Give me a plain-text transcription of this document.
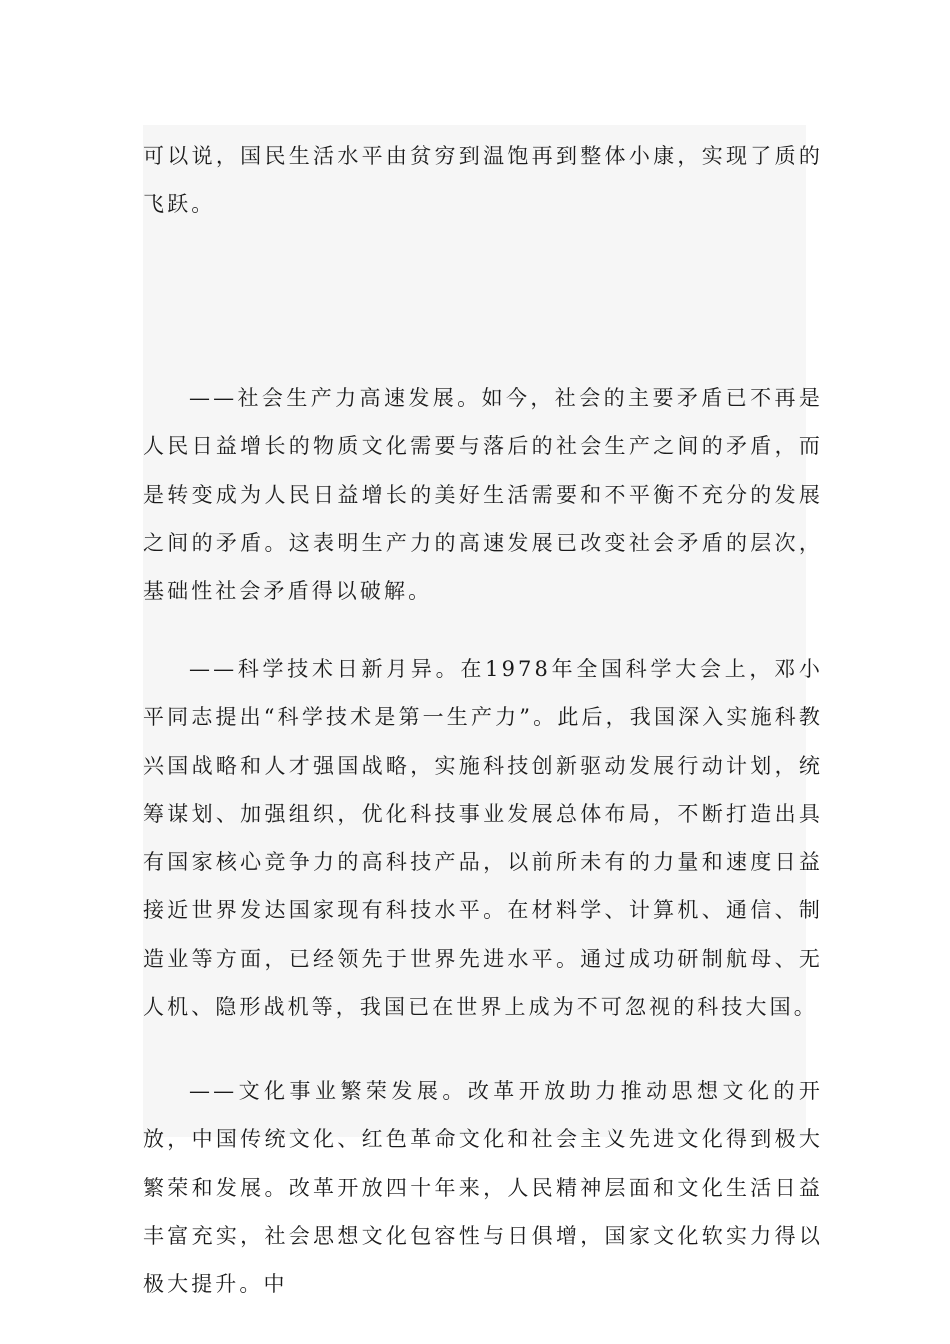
可以说，国民生活水平由贫穷到温饱再到整体小康，实现了质的飞跃。

——社会生产力高速发展。如今，社会的主要矛盾已不再是人民日益增长的物质文化需要与落后的社会生产之间的矛盾，而是转变成为人民日益增长的美好生活需要和不平衡不充分的发展之间的矛盾。这表明生产力的高速发展已改变社会矛盾的层次，基础性社会矛盾得以破解。

——科学技术日新月异。在1978年全国科学大会上，邓小平同志提出“科学技术是第一生产力”。此后，我国深入实施科教兴国战略和人才强国战略，实施科技创新驱动发展行动计划，统筹谋划、加强组织，优化科技事业发展总体布局，不断打造出具有国家核心竞争力的高科技产品，以前所未有的力量和速度日益接近世界发达国家现有科技水平。在材料学、计算机、通信、制造业等方面，已经领先于世界先进水平。通过成功研制航母、无人机、隐形战机等，我国已在世界上成为不可忽视的科技大国。

——文化事业繁荣发展。改革开放助力推动思想文化的开放，中国传统文化、红色革命文化和社会主义先进文化得到极大繁荣和发展。改革开放四十年来，人民精神层面和文化生活日益丰富充实，社会思想文化包容性与日俱增，国家文化软实力得以极大提升。中
